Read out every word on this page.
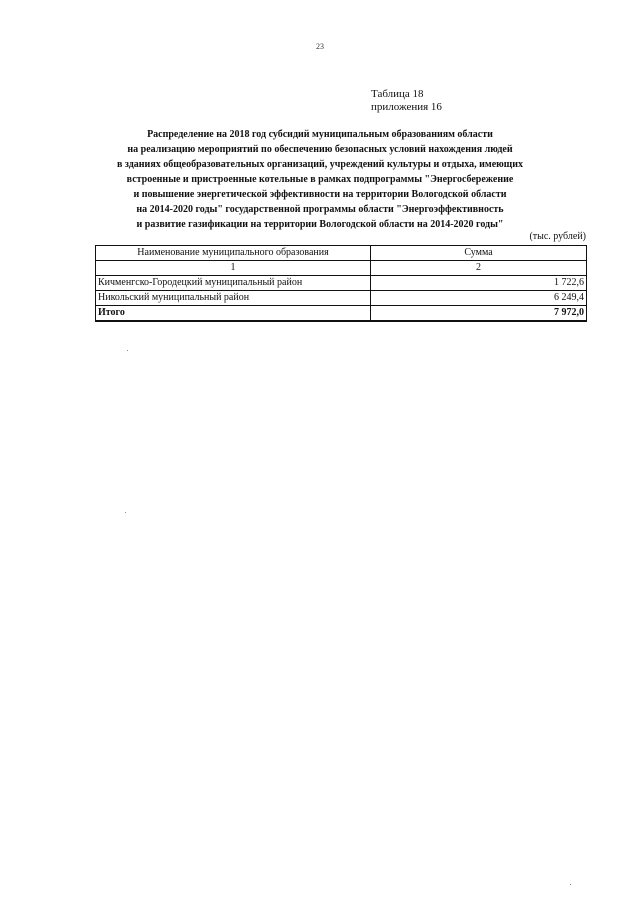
23
Таблица 18
приложения 16
Распределение на 2018 год субсидий муниципальным образованиям области
на реализацию мероприятий по обеспечению безопасных условий нахождения людей
в зданиях общеобразовательных организаций, учреждений культуры и отдыха, имеющих
встроенные и пристроенные котельные в рамках подпрограммы "Энергосбережение
и повышение энергетической эффективности на территории Вологодской области
на 2014-2020 годы" государственной программы области "Энергоэффективность
и развитие газификации на территории Вологодской области на 2014-2020 годы"
(тыс. рублей)
Наименование муниципального образования	Сумма
1	2
Кичменгско-Городецкий муниципальный район	1 722,6
Никольский муниципальный район	6 249,4
Итого	7 972,0
